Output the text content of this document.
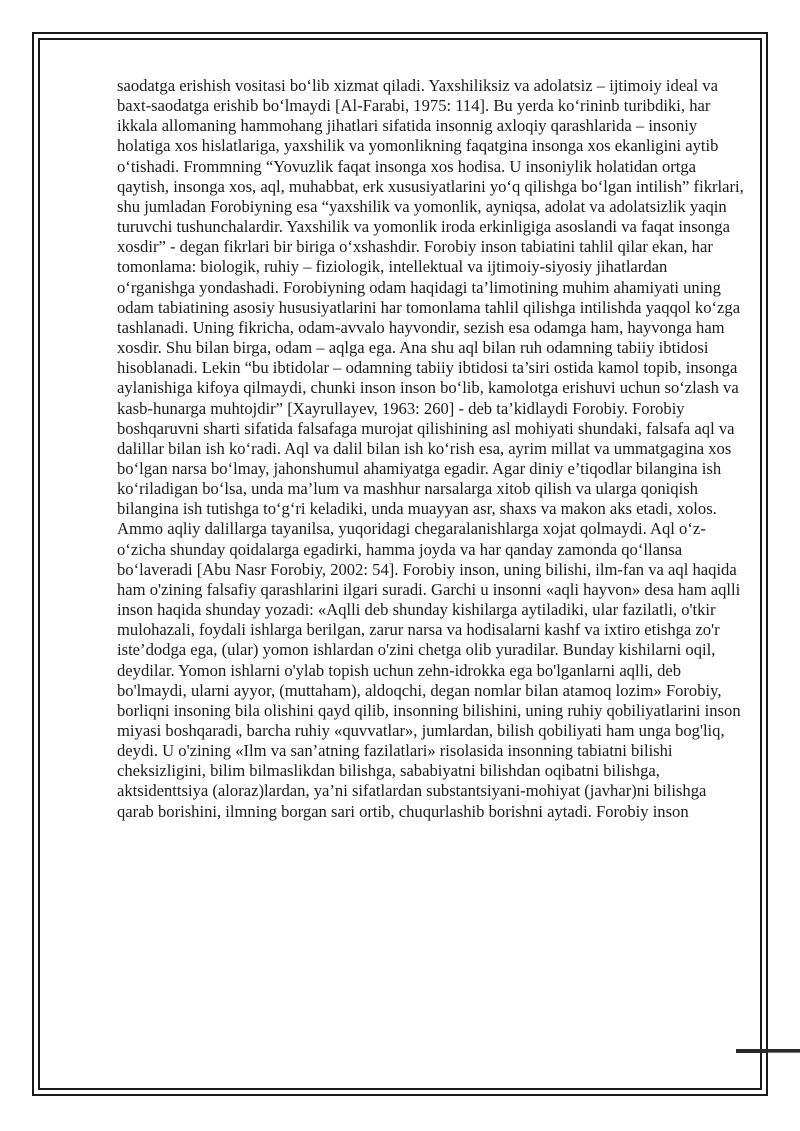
saodatga erishish vositasi bo‘lib xizmat qiladi. Yaxshiliksiz va adolatsiz – ijtimoiy ideal va baxt-saodatga erishib bo‘lmaydi [Al-Farabi, 1975: 114]. Bu yerda ko‘rininb turibdiki, har ikkala allomaning hammohang jihatlari sifatida insonnig axloqiy qarashlarida – insoniy holatiga xos hislatlariga, yaxshilik va yomonlikning faqatgina insonga xos ekanligini aytib o‘tishadi. Frommning “Yovuzlik faqat insonga xos hodisa. U insoniylik holatidan ortga qaytish, insonga xos, aql, muhabbat, erk xususiyatlarini yo‘q qilishga bo‘lgan intilish” fikrlari, shu jumladan Forobiyning esa “yaxshilik va yomonlik, ayniqsa, adolat va adolatsizlik yaqin turuvchi tushunchalardir. Yaxshilik va yomonlik iroda erkinligiga asoslandi va faqat insonga xosdir” - degan fikrlari bir biriga o‘xshashdir. Forobiy inson tabiatini tahlil qilar ekan, har tomonlama: biologik, ruhiy – fiziologik, intellektual va ijtimoiy-siyosiy jihatlardan o‘rganishga yondashadi. Forobiyning odam haqidagi ta’limotining muhim ahamiyati uning odam tabiatining asosiy hususiyatlarini har tomonlama tahlil qilishga intilishda yaqqol ko‘zga tashlanadi. Uning fikricha, odam-avvalo hayvondir, sezish esa odamga ham, hayvonga ham xosdir. Shu bilan birga, odam – aqlga ega. Ana shu aql bilan ruh odamning tabiiy ibtidosi hisoblanadi. Lekin “bu ibtidolar – odamning tabiiy ibtidosi ta’siri ostida kamol topib, insonga aylanishiga kifoya qilmaydi, chunki inson inson bo‘lib, kamolotga erishuvi uchun so‘zlash va kasb-hunarga muhtojdir” [Xayrullayev, 1963: 260] - deb ta’kidlaydi Forobiy. Forobiy boshqaruvni sharti sifatida falsafaga murojat qilishining asl mohiyati shundaki, falsafa aql va dalillar bilan ish ko‘radi. Aql va dalil bilan ish ko‘rish esa, ayrim millat va ummatgagina xos bo‘lgan narsa bo‘lmay, jahonshumul ahamiyatga egadir. Agar diniy e’tiqodlar bilangina ish ko‘riladigan bo‘lsa, unda ma’lum va mashhur narsalarga xitob qilish va ularga qoniqish bilangina ish tutishga to‘g‘ri keladiki, unda muayyan asr, shaxs va makon aks etadi, xolos. Ammo aqliy dalillarga tayanilsa, yuqoridagi chegaralanishlarga xojat qolmaydi. Aql o‘z-o‘zicha shunday qoidalarga egadirki, hamma joyda va har qanday zamonda qo‘llansa bo‘laveradi [Abu Nasr Forobiy, 2002: 54]. Forobiy inson, uning bilishi, ilm-fan va aql haqida ham o'zining falsafiy qarashlarini ilgari suradi. Garchi u insonni «aqli hayvon» desa ham aqlli inson haqida shunday yozadi: «Aqlli deb shunday kishilarga aytiladiki, ular fazilatli, o'tkir mulohazali, foydali ishlarga berilgan, zarur narsa va hodisalarni kashf va ixtiro etishga zo'r iste’dodga ega, (ular) yomon ishlardan o'zini chetga olib yuradilar. Bunday kishilarni oqil, deydilar. Yomon ishlarni o'ylab topish uchun zehn-idrokka ega bo'lganlarni aqlli, deb bo'lmaydi, ularni ayyor, (muttaham), aldoqchi, degan nomlar bilan atamoq lozim» Forobiy, borliqni insoning bila olishini qayd qilib, insonning bilishini, uning ruhiy qobiliyatlarini inson miyasi boshqaradi, barcha ruhiy «quvvatlar», jumlardan, bilish qobiliyati ham unga bog'liq, deydi. U o'zining «Ilm va san’atning fazilatlari» risolasida insonning tabiatni bilishi cheksizligini, bilim bilmaslikdan bilishga, sababiyatni bilishdan oqibatni bilishga, aktsidenttsiya (aloraz)lardan, ya’ni sifatlardan substantsiyani-mohiyat (javhar)ni bilishga qarab borishini, ilmning borgan sari ortib, chuqurlashib borishni aytadi. Forobiy inson
